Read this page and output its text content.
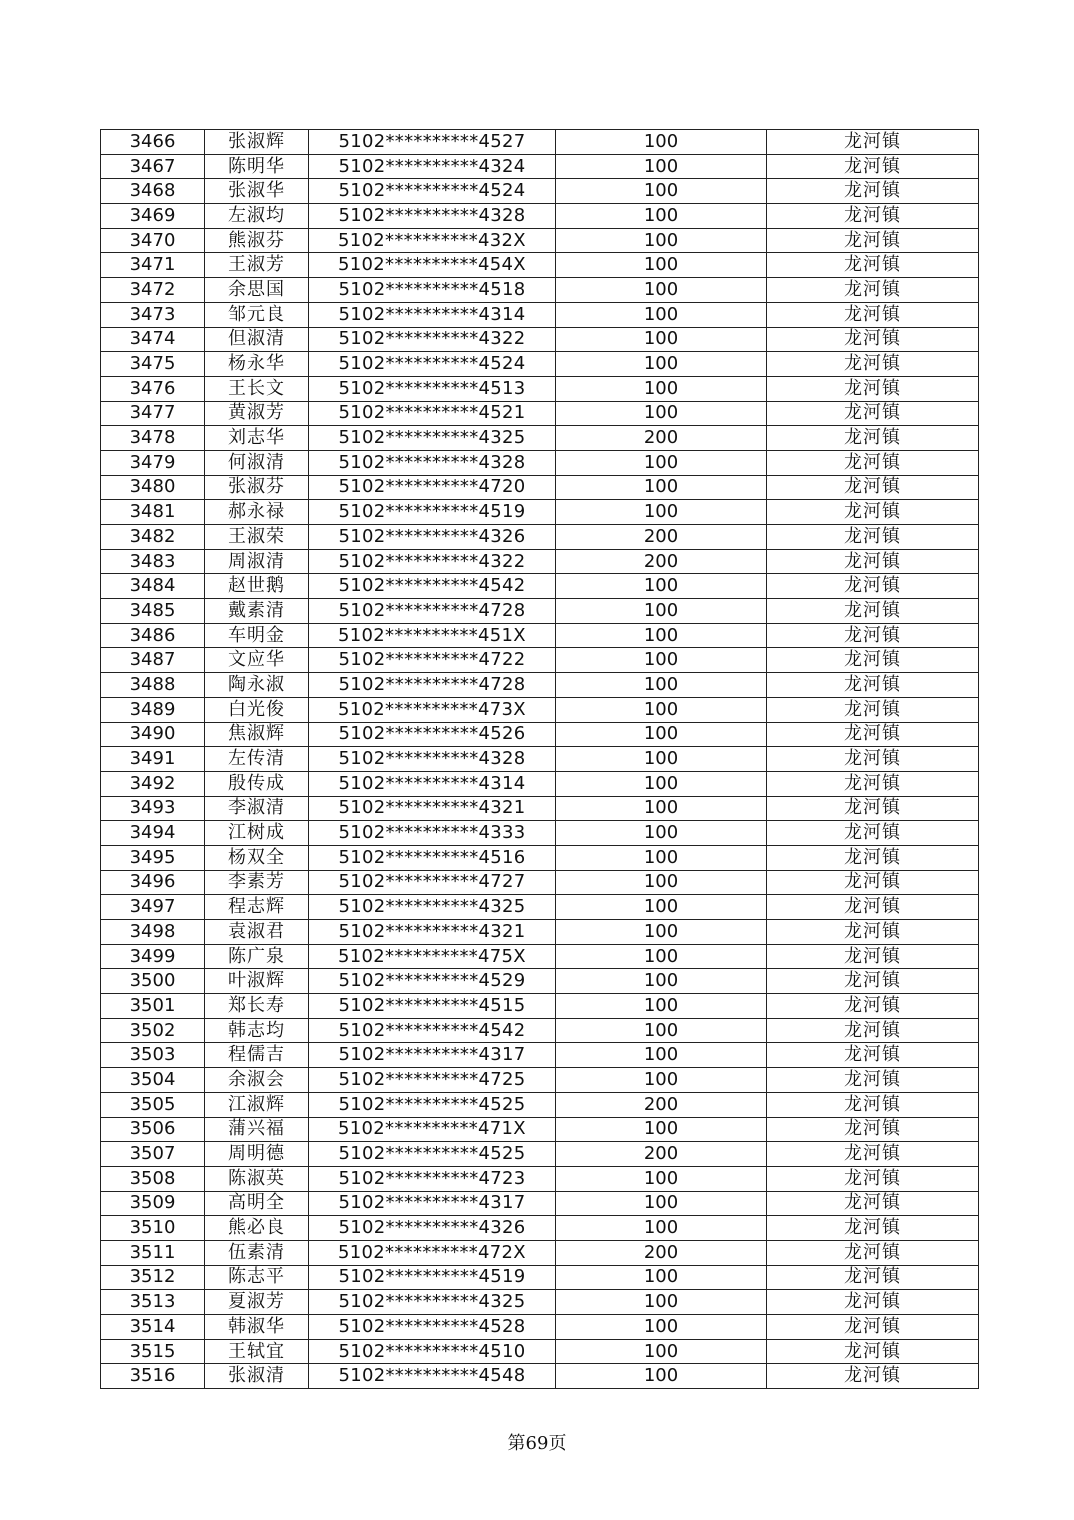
3466	张淑辉	5102**********4527	100	龙河镇
3467	陈明华	5102**********4324	100	龙河镇
3468	张淑华	5102**********4524	100	龙河镇
3469	左淑均	5102**********4328	100	龙河镇
3470	熊淑芬	5102**********432X	100	龙河镇
3471	王淑芳	5102**********454X	100	龙河镇
3472	余思国	5102**********4518	100	龙河镇
3473	邹元良	5102**********4314	100	龙河镇
3474	但淑清	5102**********4322	100	龙河镇
3475	杨永华	5102**********4524	100	龙河镇
3476	王长文	5102**********4513	100	龙河镇
3477	黄淑芳	5102**********4521	100	龙河镇
3478	刘志华	5102**********4325	200	龙河镇
3479	何淑清	5102**********4328	100	龙河镇
3480	张淑芬	5102**********4720	100	龙河镇
3481	郝永禄	5102**********4519	100	龙河镇
3482	王淑荣	5102**********4326	200	龙河镇
3483	周淑清	5102**********4322	200	龙河镇
3484	赵世鹅	5102**********4542	100	龙河镇
3485	戴素清	5102**********4728	100	龙河镇
3486	车明金	5102**********451X	100	龙河镇
3487	文应华	5102**********4722	100	龙河镇
3488	陶永淑	5102**********4728	100	龙河镇
3489	白光俊	5102**********473X	100	龙河镇
3490	焦淑辉	5102**********4526	100	龙河镇
3491	左传清	5102**********4328	100	龙河镇
3492	殷传成	5102**********4314	100	龙河镇
3493	李淑清	5102**********4321	100	龙河镇
3494	江树成	5102**********4333	100	龙河镇
3495	杨双全	5102**********4516	100	龙河镇
3496	李素芳	5102**********4727	100	龙河镇
3497	程志辉	5102**********4325	100	龙河镇
3498	袁淑君	5102**********4321	100	龙河镇
3499	陈广泉	5102**********475X	100	龙河镇
3500	叶淑辉	5102**********4529	100	龙河镇
3501	郑长寿	5102**********4515	100	龙河镇
3502	韩志均	5102**********4542	100	龙河镇
3503	程儒吉	5102**********4317	100	龙河镇
3504	余淑会	5102**********4725	100	龙河镇
3505	江淑辉	5102**********4525	200	龙河镇
3506	蒲兴福	5102**********471X	100	龙河镇
3507	周明德	5102**********4525	200	龙河镇
3508	陈淑英	5102**********4723	100	龙河镇
3509	高明全	5102**********4317	100	龙河镇
3510	熊必良	5102**********4326	100	龙河镇
3511	伍素清	5102**********472X	200	龙河镇
3512	陈志平	5102**********4519	100	龙河镇
3513	夏淑芳	5102**********4325	100	龙河镇
3514	韩淑华	5102**********4528	100	龙河镇
3515	王轼宜	5102**********4510	100	龙河镇
3516	张淑清	5102**********4548	100	龙河镇
第69页
